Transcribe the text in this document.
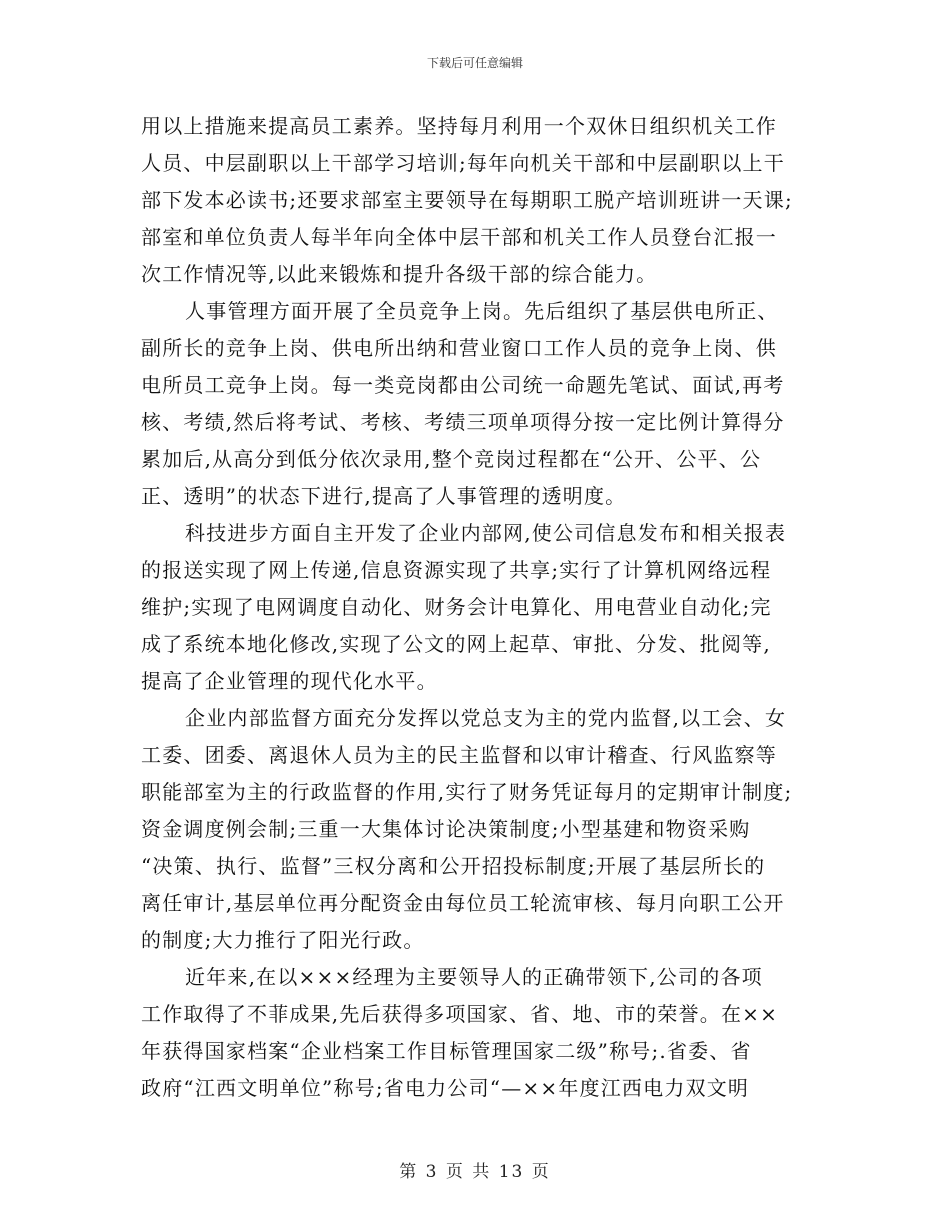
下载后可任意编辑
用以上措施来提高员工素养。坚持每月利用一个双休日组织机关工作
人员、中层副职以上干部学习培训;每年向机关干部和中层副职以上干
部下发本必读书;还要求部室主要领导在每期职工脱产培训班讲一天课;
部室和单位负责人每半年向全体中层干部和机关工作人员登台汇报一
次工作情况等,以此来锻炼和提升各级干部的综合能力。
人事管理方面开展了全员竞争上岗。先后组织了基层供电所正、
副所长的竞争上岗、供电所出纳和营业窗口工作人员的竞争上岗、供
电所员工竞争上岗。每一类竞岗都由公司统一命题先笔试、面试,再考
核、考绩,然后将考试、考核、考绩三项单项得分按一定比例计算得分
累加后,从高分到低分依次录用,整个竞岗过程都在“公开、公平、公
正、透明”的状态下进行,提高了人事管理的透明度。
科技进步方面自主开发了企业内部网,使公司信息发布和相关报表
的报送实现了网上传递,信息资源实现了共享;实行了计算机网络远程
维护;实现了电网调度自动化、财务会计电算化、用电营业自动化;完
成了系统本地化修改,实现了公文的网上起草、审批、分发、批阅等,
提高了企业管理的现代化水平。
企业内部监督方面充分发挥以党总支为主的党内监督,以工会、女
工委、团委、离退休人员为主的民主监督和以审计稽查、行风监察等
职能部室为主的行政监督的作用,实行了财务凭证每月的定期审计制度;
资金调度例会制;三重一大集体讨论决策制度;小型基建和物资采购
“决策、执行、监督”三权分离和公开招投标制度;开展了基层所长的
离任审计,基层单位再分配资金由每位员工轮流审核、每月向职工公开
的制度;大力推行了阳光行政。
近年来,在以×××经理为主要领导人的正确带领下,公司的各项
工作取得了不菲成果,先后获得多项国家、省、地、市的荣誉。在××
年获得国家档案“企业档案工作目标管理国家二级”称号;.省委、省
政府“江西文明单位”称号;省电力公司“—××年度江西电力双文明
第 3 页 共 13 页
